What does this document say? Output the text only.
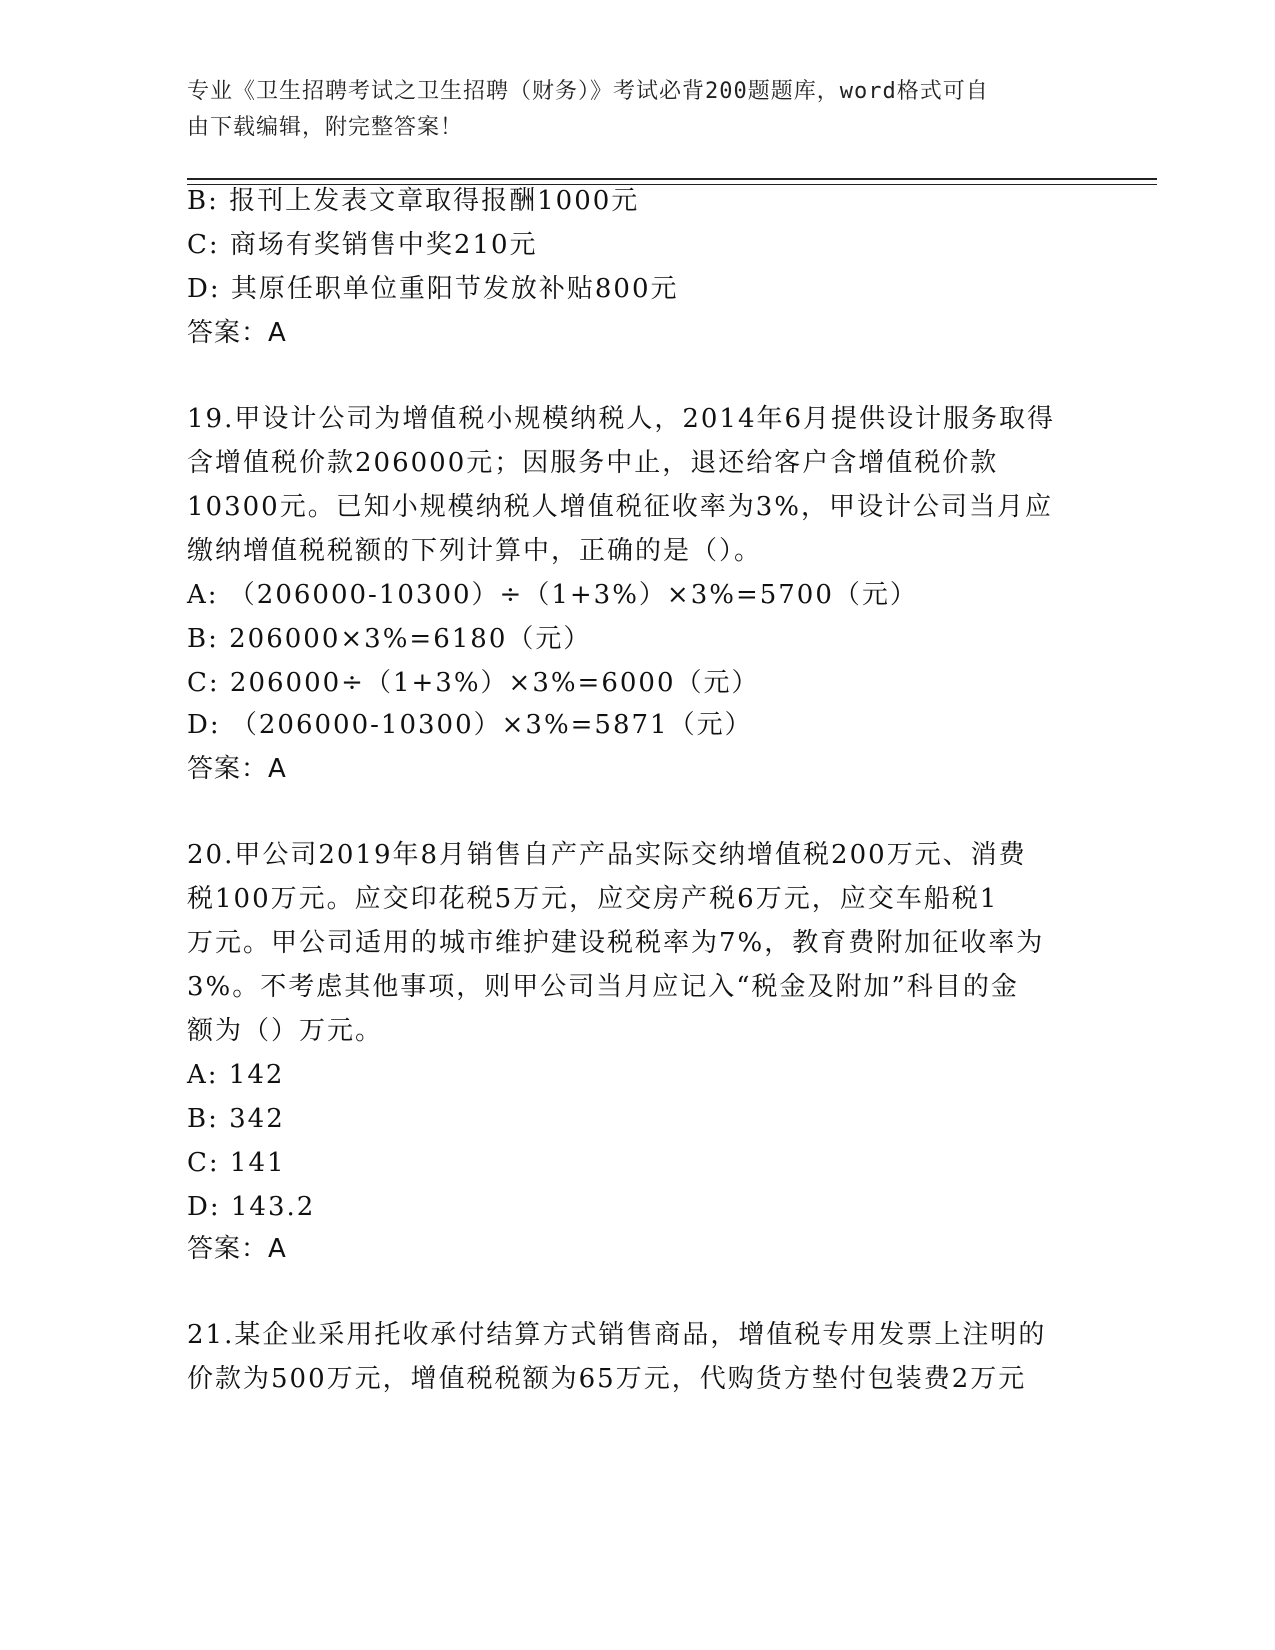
专业《卫生招聘考试之卫生招聘（财务）》考试必背200题题库，word格式可自
由下载编辑，附完整答案！
B: 报刊上发表文章取得报酬1000元
C: 商场有奖销售中奖210元
D: 其原任职单位重阳节发放补贴800元
答案：A
19.甲设计公司为增值税小规模纳税人，2014年6月提供设计服务取得
含增值税价款206000元；因服务中止，退还给客户含增值税价款
10300元。已知小规模纳税人增值税征收率为3%，甲设计公司当月应
缴纳增值税税额的下列计算中，正确的是（）。
A: （206000-10300）÷（1+3%）×3%=5700（元）
B: 206000×3%=6180（元）
C: 206000÷（1+3%）×3%=6000（元）
D: （206000-10300）×3%=5871（元）
答案：A
20.甲公司2019年8月销售自产产品实际交纳增值税200万元、消费
税100万元。应交印花税5万元，应交房产税6万元，应交车船税1
万元。甲公司适用的城市维护建设税税率为7%，教育费附加征收率为
3%。不考虑其他事项，则甲公司当月应记入“税金及附加”科目的金
额为（）万元。
A: 142
B: 342
C: 141
D: 143.2
答案：A
21.某企业采用托收承付结算方式销售商品，增值税专用发票上注明的
价款为500万元，增值税税额为65万元，代购货方垫付包装费2万元
